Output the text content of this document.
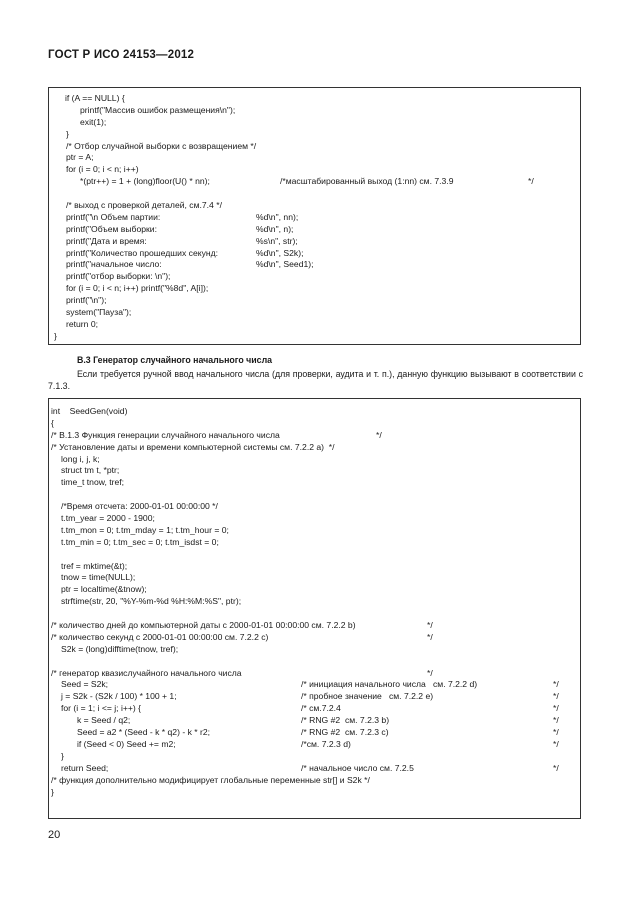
ГОСТ Р ИСО 24153—2012
if (A == NULL) {
printf("Массив ошибок размещения\n");
exit(1);
}
/* Отбор случайной выборки с возвращением */
ptr = A;
for (i = 0; i < n; i++)
*(ptr++) = 1 + (long)floor(U() * nn);	/*масштабированный выход (1:nn) см. 7.3.9	*/
/* выход с проверкой деталей, см.7.4 */
printf("\n Объем партии:	%d\n", nn);
printf("Объем выборки:	%d\n", n);
printf("Дата и время:	%s\n", str);
printf("Количество прошедших секунд:	%d\n", S2k);
printf("начальное число:	%d\n", Seed1);
printf("отбор выборки: \n");
for (i = 0; i < n; i++) printf("%8d", A[i]);
printf("\n");
system("Пауза");
return 0;
}
B.3 Генератор случайного начального числа
Если требуется ручной ввод начального числа (для проверки, аудита и т. п.), данную функцию вызывают в соответствии с 7.1.3.
int    SeedGen(void)
{
/* B.1.3 Функция генерации случайного начального числа	*/
/* Установление даты и времени компьютерной системы см. 7.2.2 а)  */
long i, j, k;
struct tm t, *ptr;
time_t tnow, tref;
/*Время отсчета: 2000-01-01 00:00:00 */
t.tm_year = 2000 - 1900;
t.tm_mon = 0; t.tm_mday = 1; t.tm_hour = 0;
t.tm_min = 0; t.tm_sec = 0; t.tm_isdst = 0;
tref = mktime(&t);
tnow = time(NULL);
ptr = localtime(&tnow);
strftime(str, 20, "%Y-%m-%d %H:%M:%S", ptr);
/* количество дней до компьютерной даты с 2000-01-01 00:00:00 см. 7.2.2 b)	*/
/* количество секунд с 2000-01-01 00:00:00 см. 7.2.2 c)	*/
S2k = (long)difftime(tnow, tref);
/* генератор квазислучайного начального числа	*/
Seed = S2k;	/* инициация начального числа   см. 7.2.2 d)	*/
j = S2k - (S2k / 100) * 100 + 1;	/* пробное значение   см. 7.2.2 e)	*/
for (i = 1; i <= j; i++) {	/* см.7.2.4	*/
k = Seed / q2;	/* RNG #2  см. 7.2.3 b)	*/
Seed = a2 * (Seed - k * q2) - k * r2;	/* RNG #2  см. 7.2.3 c)	*/
if (Seed < 0) Seed += m2;	/*см. 7.2.3 d)	*/
}
return Seed;	/* начальное число см. 7.2.5	*/
/* функция дополнительно модифицирует глобальные переменные str[] и S2k */
}
20
